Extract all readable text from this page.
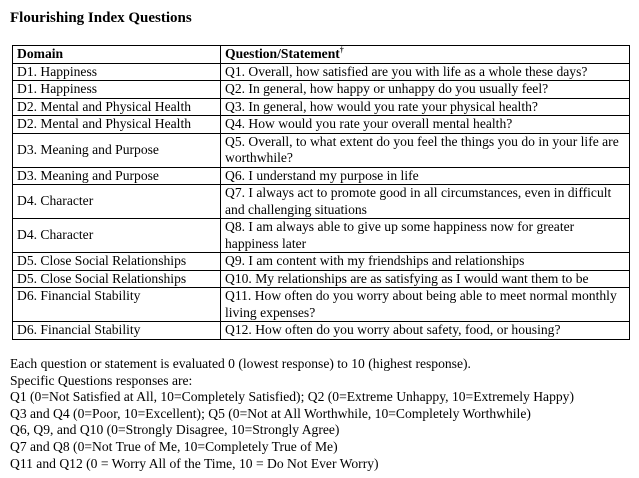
Flourishing Index Questions
Domain	Question/Statement†
D1. Happiness	Q1. Overall, how satisfied are you with life as a whole these days?
D1. Happiness	Q2. In general, how happy or unhappy do you usually feel?
D2. Mental and Physical Health	Q3. In general, how would you rate your physical health?
D2. Mental and Physical Health	Q4. How would you rate your overall mental health?
D3. Meaning and Purpose	Q5. Overall, to what extent do you feel the things you do in your life are worthwhile?
D3. Meaning and Purpose	Q6. I understand my purpose in life
D4. Character	Q7. I always act to promote good in all circumstances, even in difficult and challenging situations
D4. Character	Q8. I am always able to give up some happiness now for greater happiness later
D5. Close Social Relationships	Q9. I am content with my friendships and relationships
D5. Close Social Relationships	Q10. My relationships are as satisfying as I would want them to be
D6. Financial Stability	Q11. How often do you worry about being able to meet normal monthly living expenses?
D6. Financial Stability	Q12. How often do you worry about safety, food, or housing?
Each question or statement is evaluated 0 (lowest response) to 10 (highest response).
Specific Questions responses are:
Q1 (0=Not Satisfied at All, 10=Completely Satisfied); Q2 (0=Extreme Unhappy, 10=Extremely Happy)
Q3 and Q4 (0=Poor, 10=Excellent); Q5 (0=Not at All Worthwhile, 10=Completely Worthwhile)
Q6, Q9, and Q10 (0=Strongly Disagree, 10=Strongly Agree)
Q7 and Q8 (0=Not True of Me, 10=Completely True of Me)
Q11 and Q12 (0 = Worry All of the Time, 10 = Do Not Ever Worry)
